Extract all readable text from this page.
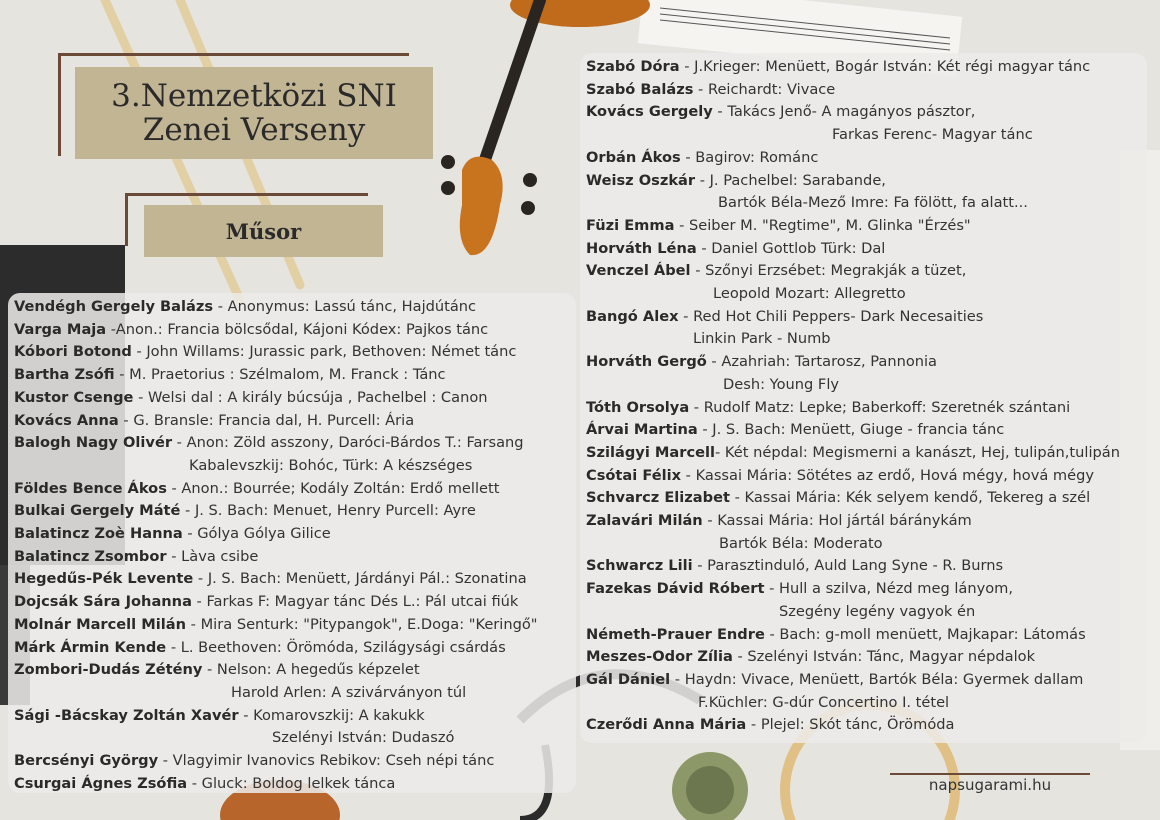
3.Nemzetközi SNI
Zenei Verseny
Műsor
Vendégh Gergely Balázs - Anonymus: Lassú tánc, Hajdútánc
Varga Maja -Anon.: Francia bölcsődal, Kájoni Kódex: Pajkos tánc
Kóbori Botond - John Willams: Jurassic park, Bethoven: Német tánc
Bartha Zsófi - M. Praetorius : Szélmalom, M. Franck : Tánc
Kustor Csenge - Welsi dal : A király búcsúja , Pachelbel : Canon
Kovács Anna - G. Bransle: Francia dal, H. Purcell: Ária
Balogh Nagy Olivér - Anon: Zöld asszony, Daróci-Bárdos T.: Farsang
Kabalevszkij: Bohóc, Türk: A készséges
Földes Bence Ákos - Anon.: Bourrée; Kodály Zoltán: Erdő mellett
Bulkai Gergely Máté - J. S. Bach: Menuet, Henry Purcell: Ayre
Balatincz Zoè Hanna - Gólya Gólya Gilice
Balatincz Zsombor - Làva csibe
Hegedűs-Pék Levente - J. S. Bach: Menüett, Járdányi Pál.: Szonatina
Dojcsák Sára Johanna - Farkas F: Magyar tánc Dés L.: Pál utcai fiúk
Molnár Marcell Milán - Mira Senturk: "Pitypangok", E.Doga: "Keringő"
Márk Ármin Kende - L. Beethoven: Örömóda, Szilágysági csárdás
Zombori-Dudás Zétény - Nelson: A hegedűs képzelet
Harold Arlen: A szivárványon túl
Sági -Bácskay Zoltán Xavér - Komarovszkij: A kakukk
Szelényi István: Dudaszó
Bercsényi György - Vlagyimir Ivanovics Rebikov: Cseh népi tánc
Csurgai Ágnes Zsófia - Gluck: Boldog lelkek tánca
Szabó Dóra - J.Krieger: Menüett, Bogár István: Két régi magyar tánc
Szabó Balázs - Reichardt: Vivace
Kovács Gergely - Takács Jenő- A magányos pásztor,
Farkas Ferenc- Magyar tánc
Orbán Ákos - Bagirov: Románc
Weisz Oszkár - J. Pachelbel: Sarabande,
Bartók Béla-Mező Imre: Fa fölött, fa alatt...
Füzi Emma - Seiber M. "Regtime", M. Glinka "Érzés"
Horváth Léna - Daniel Gottlob Türk: Dal
Venczel Ábel - Szőnyi Erzsébet: Megrakják a tüzet,
Leopold Mozart: Allegretto
Bangó Alex - Red Hot Chili Peppers- Dark Necesaities
Linkin Park - Numb
Horváth Gergő - Azahriah: Tartarosz, Pannonia
Desh: Young Fly
Tóth Orsolya - Rudolf Matz: Lepke; Baberkoff: Szeretnék szántani
Árvai Martina - J. S. Bach: Menüett, Giuge - francia tánc
Szilágyi Marcell- Két népdal: Megismerni a kanászt, Hej, tulipán,tulipán
Csótai Félix - Kassai Mária: Sötétes az erdő, Hová mégy, hová mégy
Schvarcz Elizabet - Kassai Mária: Kék selyem kendő, Tekereg a szél
Zalavári Milán - Kassai Mária: Hol jártál báránykám
Bartók Béla: Moderato
Schwarcz Lili - Parasztinduló, Auld Lang Syne - R. Burns
Fazekas Dávid Róbert - Hull a szilva, Nézd meg lányom,
Szegény legény vagyok én
Németh-Prauer Endre - Bach: g-moll menüett, Majkapar: Látomás
Meszes-Odor Zília - Szelényi István: Tánc, Magyar népdalok
Gál Dániel - Haydn: Vivace, Menüett, Bartók Béla: Gyermek dallam
F.Küchler: G-dúr Concertino I. tétel
Czerődi Anna Mária - Plejel: Skót tánc, Örömóda
napsugarami.hu
